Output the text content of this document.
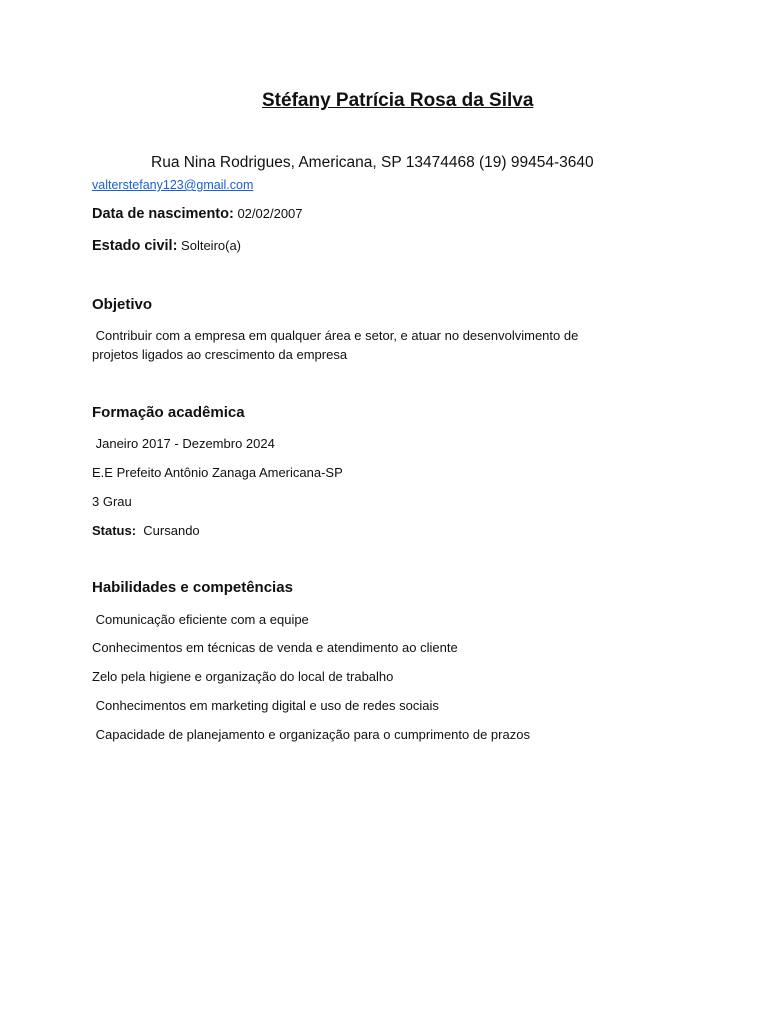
Stéfany Patrícia Rosa da Silva
Rua Nina Rodrigues, Americana, SP 13474468 (19) 99454-3640
valterstefany123@gmail.com
Data de nascimento: 02/02/2007
Estado civil: Solteiro(a)
Objetivo
Contribuir com a empresa em qualquer área e setor, e atuar no desenvolvimento de
projetos ligados ao crescimento da empresa
Formação acadêmica
Janeiro 2017 - Dezembro 2024
E.E Prefeito Antônio Zanaga Americana-SP
3 Grau
Status: Cursando
Habilidades e competências
Comunicação eficiente com a equipe
Conhecimentos em técnicas de venda e atendimento ao cliente
Zelo pela higiene e organização do local de trabalho
Conhecimentos em marketing digital e uso de redes sociais
Capacidade de planejamento e organização para o cumprimento de prazos
